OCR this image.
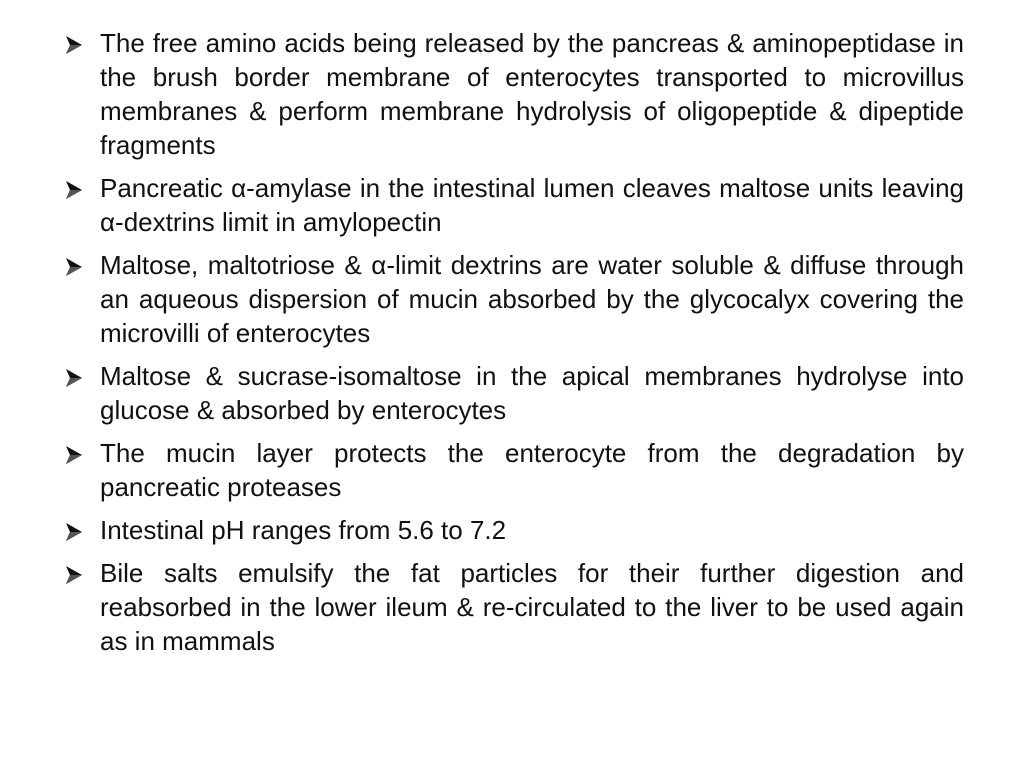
The free amino acids being released by the pancreas & aminopeptidase in the brush border membrane of enterocytes transported to microvillus membranes & perform membrane hydrolysis of oligopeptide & dipeptide fragments
Pancreatic α-amylase in the intestinal lumen cleaves maltose units leaving α-dextrins limit in amylopectin
Maltose, maltotriose & α-limit dextrins are water soluble & diffuse through an aqueous dispersion of mucin absorbed by the glycocalyx covering the microvilli of enterocytes
Maltose & sucrase-isomaltose in the apical membranes hydrolyse into glucose & absorbed by enterocytes
The mucin layer protects the enterocyte from the degradation by pancreatic proteases
Intestinal pH ranges from 5.6 to 7.2
Bile salts emulsify the fat particles for their further digestion and reabsorbed in the lower ileum & re-circulated to the liver to be used again as in mammals
